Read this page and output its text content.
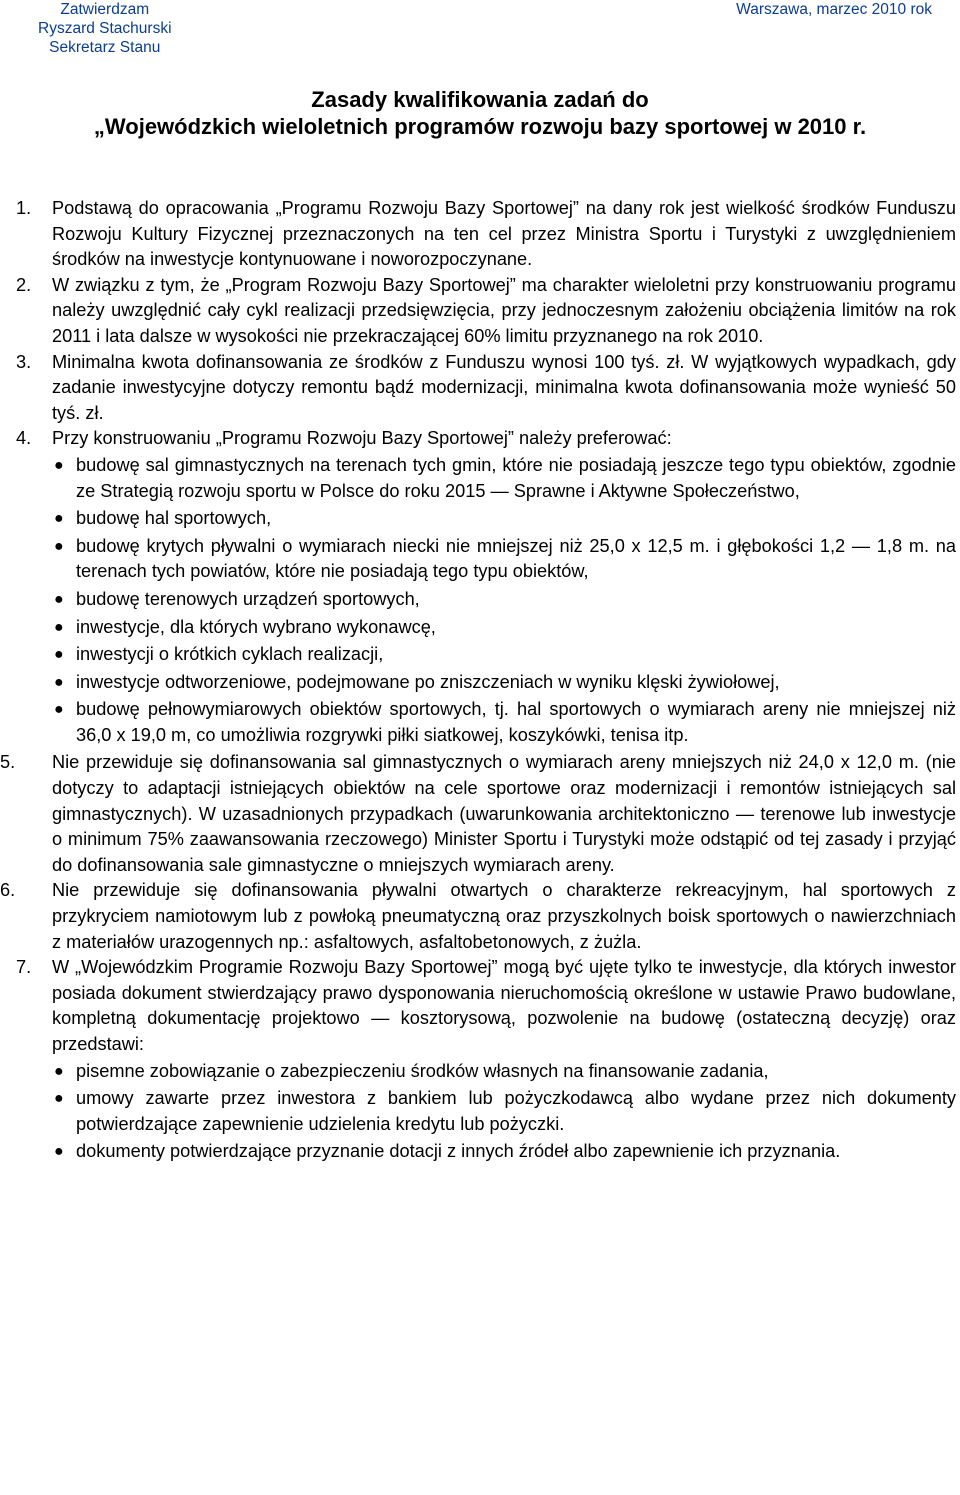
Zatwierdzam
Ryszard Stachurski
Sekretarz Stanu
Warszawa, marzec 2010 rok
Zasady kwalifikowania zadań do
„Wojewódzkich wieloletnich programów rozwoju bazy sportowej w 2010 r.
1. Podstawą do opracowania „Programu Rozwoju Bazy Sportowej” na dany rok jest wielkość środków Funduszu Rozwoju Kultury Fizycznej przeznaczonych na ten cel przez Ministra Sportu i Turystyki z uwzględnieniem środków na inwestycje kontynuowane i noworozpoczynane.
2. W związku z tym, że „Program Rozwoju Bazy Sportowej” ma charakter wieloletni przy konstruowaniu programu należy uwzględnić cały cykl realizacji przedsięwzięcia, przy jednoczesnym założeniu obciążenia limitów na rok 2011 i lata dalsze w wysokości nie przekraczającej 60% limitu przyznanego na rok 2010.
3. Minimalna kwota dofinansowania ze środków z Funduszu wynosi 100 tyś. zł. W wyjątkowych wypadkach, gdy zadanie inwestycyjne dotyczy remontu bądź modernizacji, minimalna kwota dofinansowania może wynieść 50 tyś. zł.
4. Przy konstruowaniu „Programu Rozwoju Bazy Sportowej” należy preferować:
● budowę sal gimnastycznych na terenach tych gmin, które nie posiadają jeszcze tego typu obiektów, zgodnie ze Strategią rozwoju sportu w Polsce do roku 2015 — Sprawne i Aktywne Społeczeństwo,
● budowę hal sportowych,
● budowę krytych pływalni o wymiarach niecki nie mniejszej niż 25,0 x 12,5 m. i głębokości 1,2 — 1,8 m. na terenach tych powiatów, które nie posiadają tego typu obiektów,
● budowę terenowych urządzeń sportowych,
● inwestycje, dla których wybrano wykonawcę,
● inwestycji o krótkich cyklach realizacji,
● inwestycje odtworzeniowe, podejmowane po zniszczeniach w wyniku klęski żywiołowej,
● budowę pełnowymiarowych obiektów sportowych, tj. hal sportowych o wymiarach areny nie mniejszej niż 36,0 x 19,0 m, co umożliwia rozgrywki piłki siatkowej, koszykówki, tenisa itp.
5. Nie przewiduje się dofinansowania sal gimnastycznych o wymiarach areny mniejszych niż 24,0 x 12,0 m. (nie dotyczy to adaptacji istniejących obiektów na cele sportowe oraz modernizacji i remontów istniejących sal gimnastycznych). W uzasadnionych przypadkach (uwarunkowania architektoniczno — terenowe lub inwestycje o minimum 75% zaawansowania rzeczowego) Minister Sportu i Turystyki może odstąpić od tej zasady i przyjąć do dofinansowania sale gimnastyczne o mniejszych wymiarach areny.
6. Nie przewiduje się dofinansowania pływalni otwartych o charakterze rekreacyjnym, hal sportowych z przykryciem namiotowym lub z powłoką pneumatyczną oraz przyszkolnych boisk sportowych o nawierzchniach z materiałów urazogennych np.: asfaltowych, asfaltobetonowych, z żużla.
7. W „Wojewódzkim Programie Rozwoju Bazy Sportowej” mogą być ujęte tylko te inwestycje, dla których inwestor posiada dokument stwierdzający prawo dysponowania nieruchomością określone w ustawie Prawo budowlane, kompletną dokumentację projektowo — kosztorysową, pozwolenie na budowę (ostateczną decyzję) oraz przedstawi:
● pisemne zobowiązanie o zabezpieczeniu środków własnych na finansowanie zadania,
● umowy zawarte przez inwestora z bankiem lub pożyczkodawcą albo wydane przez nich dokumenty potwierdzające zapewnienie udzielenia kredytu lub pożyczki.
● dokumenty potwierdzające przyznanie dotacji z innych źródeł albo zapewnienie ich przyznania.
